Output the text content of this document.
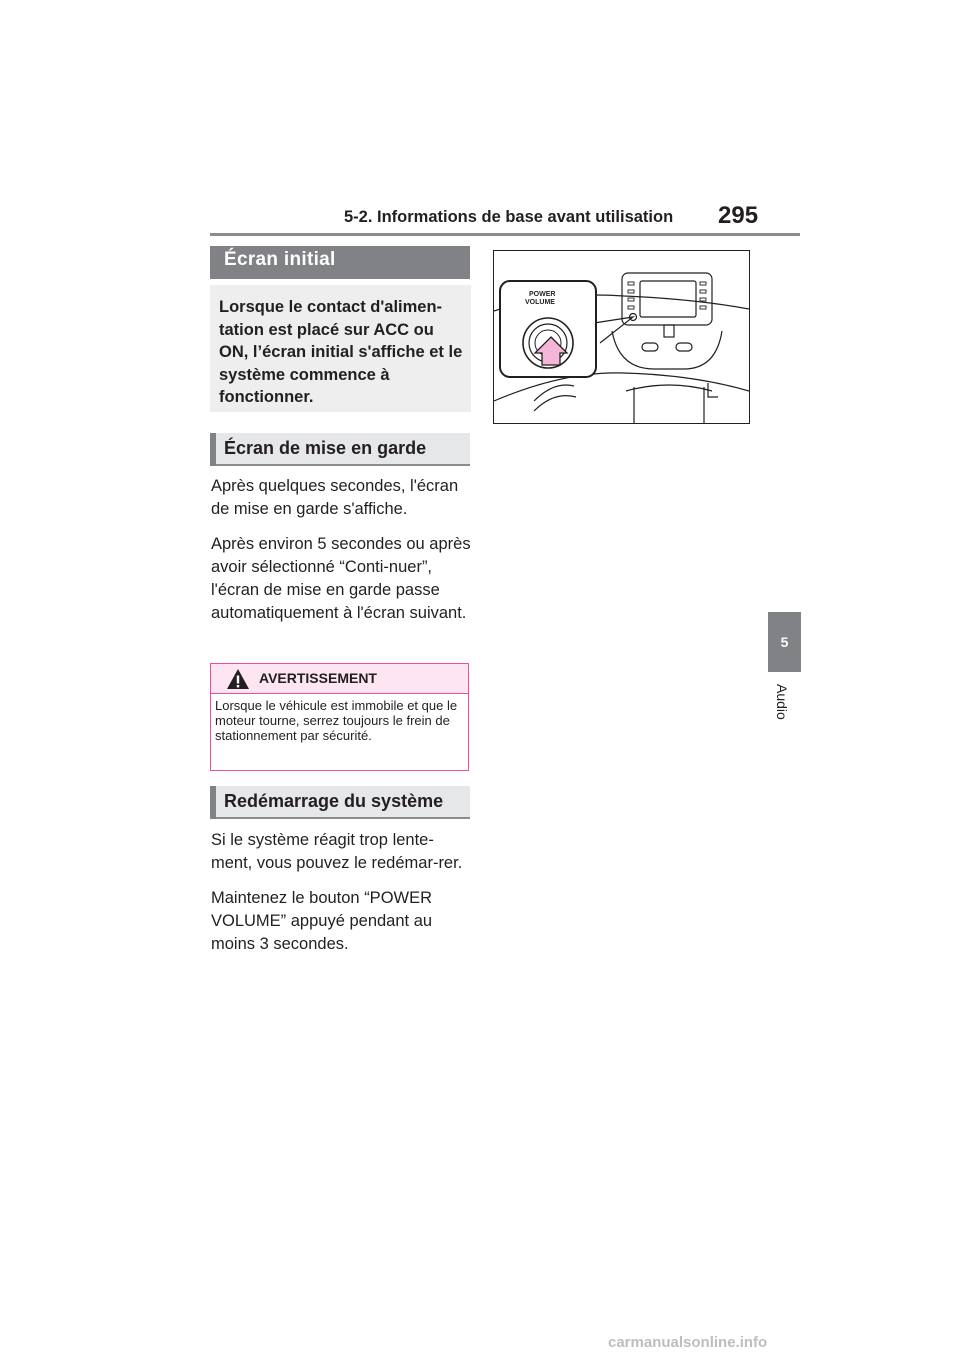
5-2. Informations de base avant utilisation 295
5
Audio
Écran initial
Lorsque le contact d'alimen-tation est placé sur ACC ou ON, l’écran initial s'affiche et le système commence à fonctionner.
Écran de mise en garde

Après quelques secondes, l'écran de mise en garde s'affiche.

Après environ 5 secondes ou après avoir sélectionné “Conti-nuer”, l'écran de mise en garde passe automatiquement à l'écran suivant.

AVERTISSEMENT
Lorsque le véhicule est immobile et que le moteur tourne, serrez toujours le frein de stationnement par sécurité.
Redémarrage du système

Si le système réagit trop lente-ment, vous pouvez le redémar-rer.

Maintenez le bouton “POWER VOLUME” appuyé pendant au moins 3 secondes.

POWER
VOLUME
carmanualsonline.info
